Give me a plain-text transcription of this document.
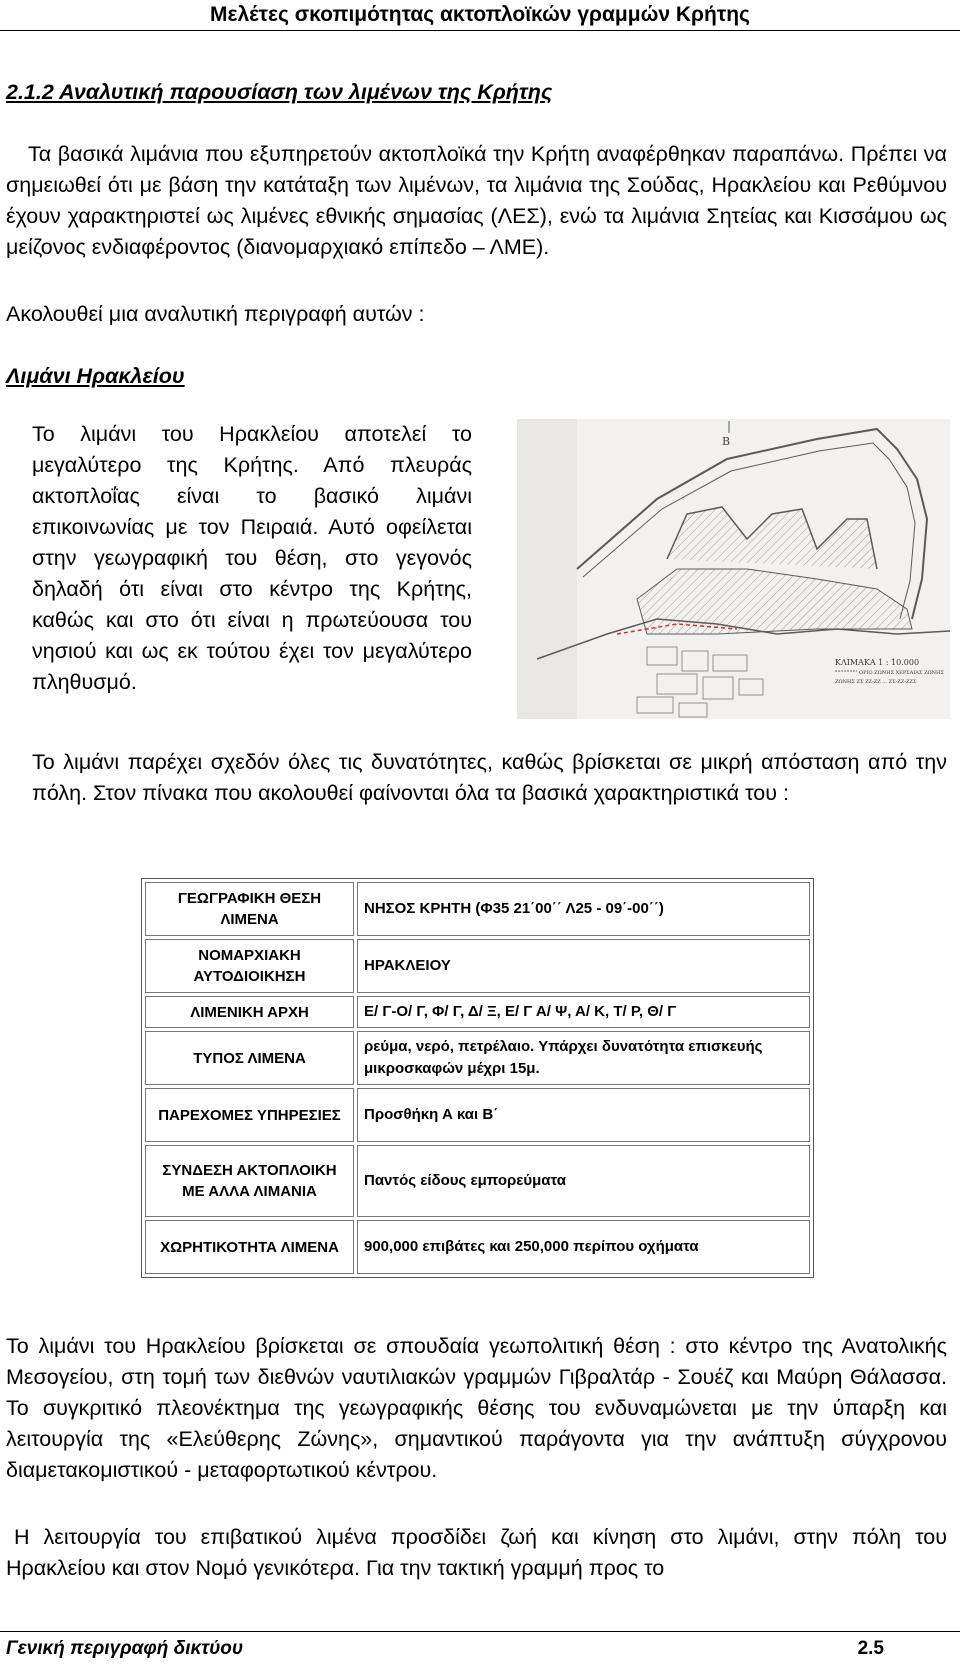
Μελέτες σκοπιμότητας ακτοπλοϊκών γραμμών Κρήτης
2.1.2 Αναλυτική παρουσίαση των λιμένων της Κρήτης
Τα βασικά λιμάνια που εξυπηρετούν ακτοπλοϊκά την Κρήτη αναφέρθηκαν παραπάνω. Πρέπει να σημειωθεί ότι με βάση την κατάταξη των λιμένων, τα λιμάνια της Σούδας, Ηρακλείου και Ρεθύμνου έχουν χαρακτηριστεί ως λιμένες εθνικής σημασίας (ΛΕΣ), ενώ τα λιμάνια Σητείας και Κισσάμου ως μείζονος ενδιαφέροντος (διανομαρχιακό επίπεδο – ΛΜΕ).
Ακολουθεί μια αναλυτική περιγραφή αυτών :
Λιμάνι Ηρακλείου
Το λιμάνι του Ηρακλείου αποτελεί το μεγαλύτερο της Κρήτης. Από πλευράς ακτοπλοΐας είναι το βασικό λιμάνι επικοινωνίας με τον Πειραιά. Αυτό οφείλεται στην γεωγραφική του θέση, στο γεγονός δηλαδή ότι είναι στο κέντρο της Κρήτης, καθώς και στο ότι είναι η πρωτεύουσα του νησιού και ως εκ τούτου έχει τον μεγαλύτερο
πληθυσμό.
Β
ΚΛΙΜΑΚΑ 1 : 10.000
ΟΡΙΟ ΖΩΝΗΣ ΧΕΡΣΑΙΑΣ ΖΩΝΗΣ
ΖΩΝΗΣ ΖΣ ΖΖ-ΖΖ ... ΖΣ-ΖΖ-ΖΖΣ
Το λιμάνι παρέχει σχεδόν όλες τις δυνατότητες, καθώς βρίσκεται σε μικρή απόσταση από την πόλη. Στον πίνακα που ακολουθεί φαίνονται όλα τα βασικά χαρακτηριστικά του :
ΓΕΩΓΡΑΦΙΚΗ ΘΕΣΗ ΛΙΜΕΝΑ	ΝΗΣΟΣ ΚΡΗΤΗ (Φ35 21΄00΄΄ Λ25 - 09΄-00΄΄)
ΝΟΜΑΡΧΙΑΚΗ ΑΥΤΟΔΙΟΙΚΗΣΗ	ΗΡΑΚΛΕΙΟΥ
ΛΙΜΕΝΙΚΗ ΑΡΧΗ	Ε/ Γ-Ο/ Γ, Φ/ Γ, Δ/ Ξ, Ε/ Γ Α/ Ψ, Α/ Κ, Τ/ Ρ, Θ/ Γ
ΤΥΠΟΣ ΛΙΜΕΝΑ	ρεύμα, νερό, πετρέλαιο. Υπάρχει δυνατότητα επισκευής μικροσκαφών μέχρι 15μ.
ΠΑΡΕΧΟΜΕΣ ΥΠΗΡΕΣΙΕΣ	Προσθήκη Α και Β΄
ΣΥΝΔΕΣΗ ΑΚΤΟΠΛΟΙΚΗ ΜΕ ΑΛΛΑ ΛΙΜΑΝΙΑ	Παντός είδους εμπορεύματα
ΧΩΡΗΤΙΚΟΤΗΤΑ ΛΙΜΕΝΑ	900,000 επιβάτες και 250,000 περίπου οχήματα
Το λιμάνι του Ηρακλείου βρίσκεται σε σπουδαία γεωπολιτική θέση : στο κέντρο της Ανατολικής Μεσογείου, στη τομή των διεθνών ναυτιλιακών γραμμών Γιβραλτάρ - Σουέζ και Μαύρη Θάλασσα. Το συγκριτικό πλεονέκτημα της γεωγραφικής θέσης του ενδυναμώνεται με την ύπαρξη και λειτουργία της «Ελεύθερης Ζώνης», σημαντικού παράγοντα για την ανάπτυξη σύγχρονου διαμετακομιστικού - μεταφορτωτικού κέντρου.
Η λειτουργία του επιβατικού λιμένα προσδίδει ζωή και κίνηση στο λιμάνι, στην πόλη του Ηρακλείου και στον Νομό γενικότερα. Για την τακτική γραμμή προς το
Γενική περιγραφή δικτύου	2.5
